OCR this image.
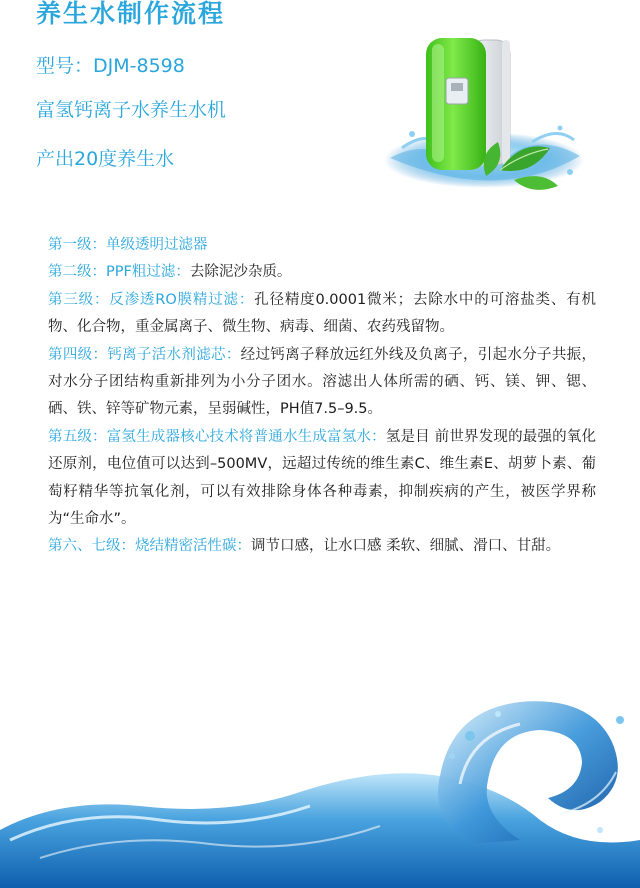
养生水制作流程
型号：DJM-8598
富氢钙离子水养生水机
产出20度养生水

第一级：单级透明过滤器

第二级：PPF粗过滤：去除泥沙杂质。

第三级：反渗透RO膜精过滤：孔径精度0.0001微米；去除水中的可溶盐类、有机物、化合物，重金属离子、微生物、病毒、细菌、农药残留物。

第四级：钙离子活水剂滤芯：经过钙离子释放远红外线及负离子，引起水分子共振，对水分子团结构重新排列为小分子团水。溶滤出人体所需的硒、钙、镁、钾、锶、硒、铁、锌等矿物元素，呈弱碱性，PH值7.5–9.5。

第五级：富氢生成器核心技术将普通水生成富氢水：氢是目 前世界发现的最强的氧化还原剂，电位值可以达到–500MV，远超过传统的维生素C、维生素E、胡萝卜素、葡萄籽精华等抗氧化剂，可以有效排除身体各种毒素，抑制疾病的产生，被医学界称为“生命水”。

第六、七级：烧结精密活性碳：调节口感，让水口感 柔软、细腻、滑口、甘甜。
